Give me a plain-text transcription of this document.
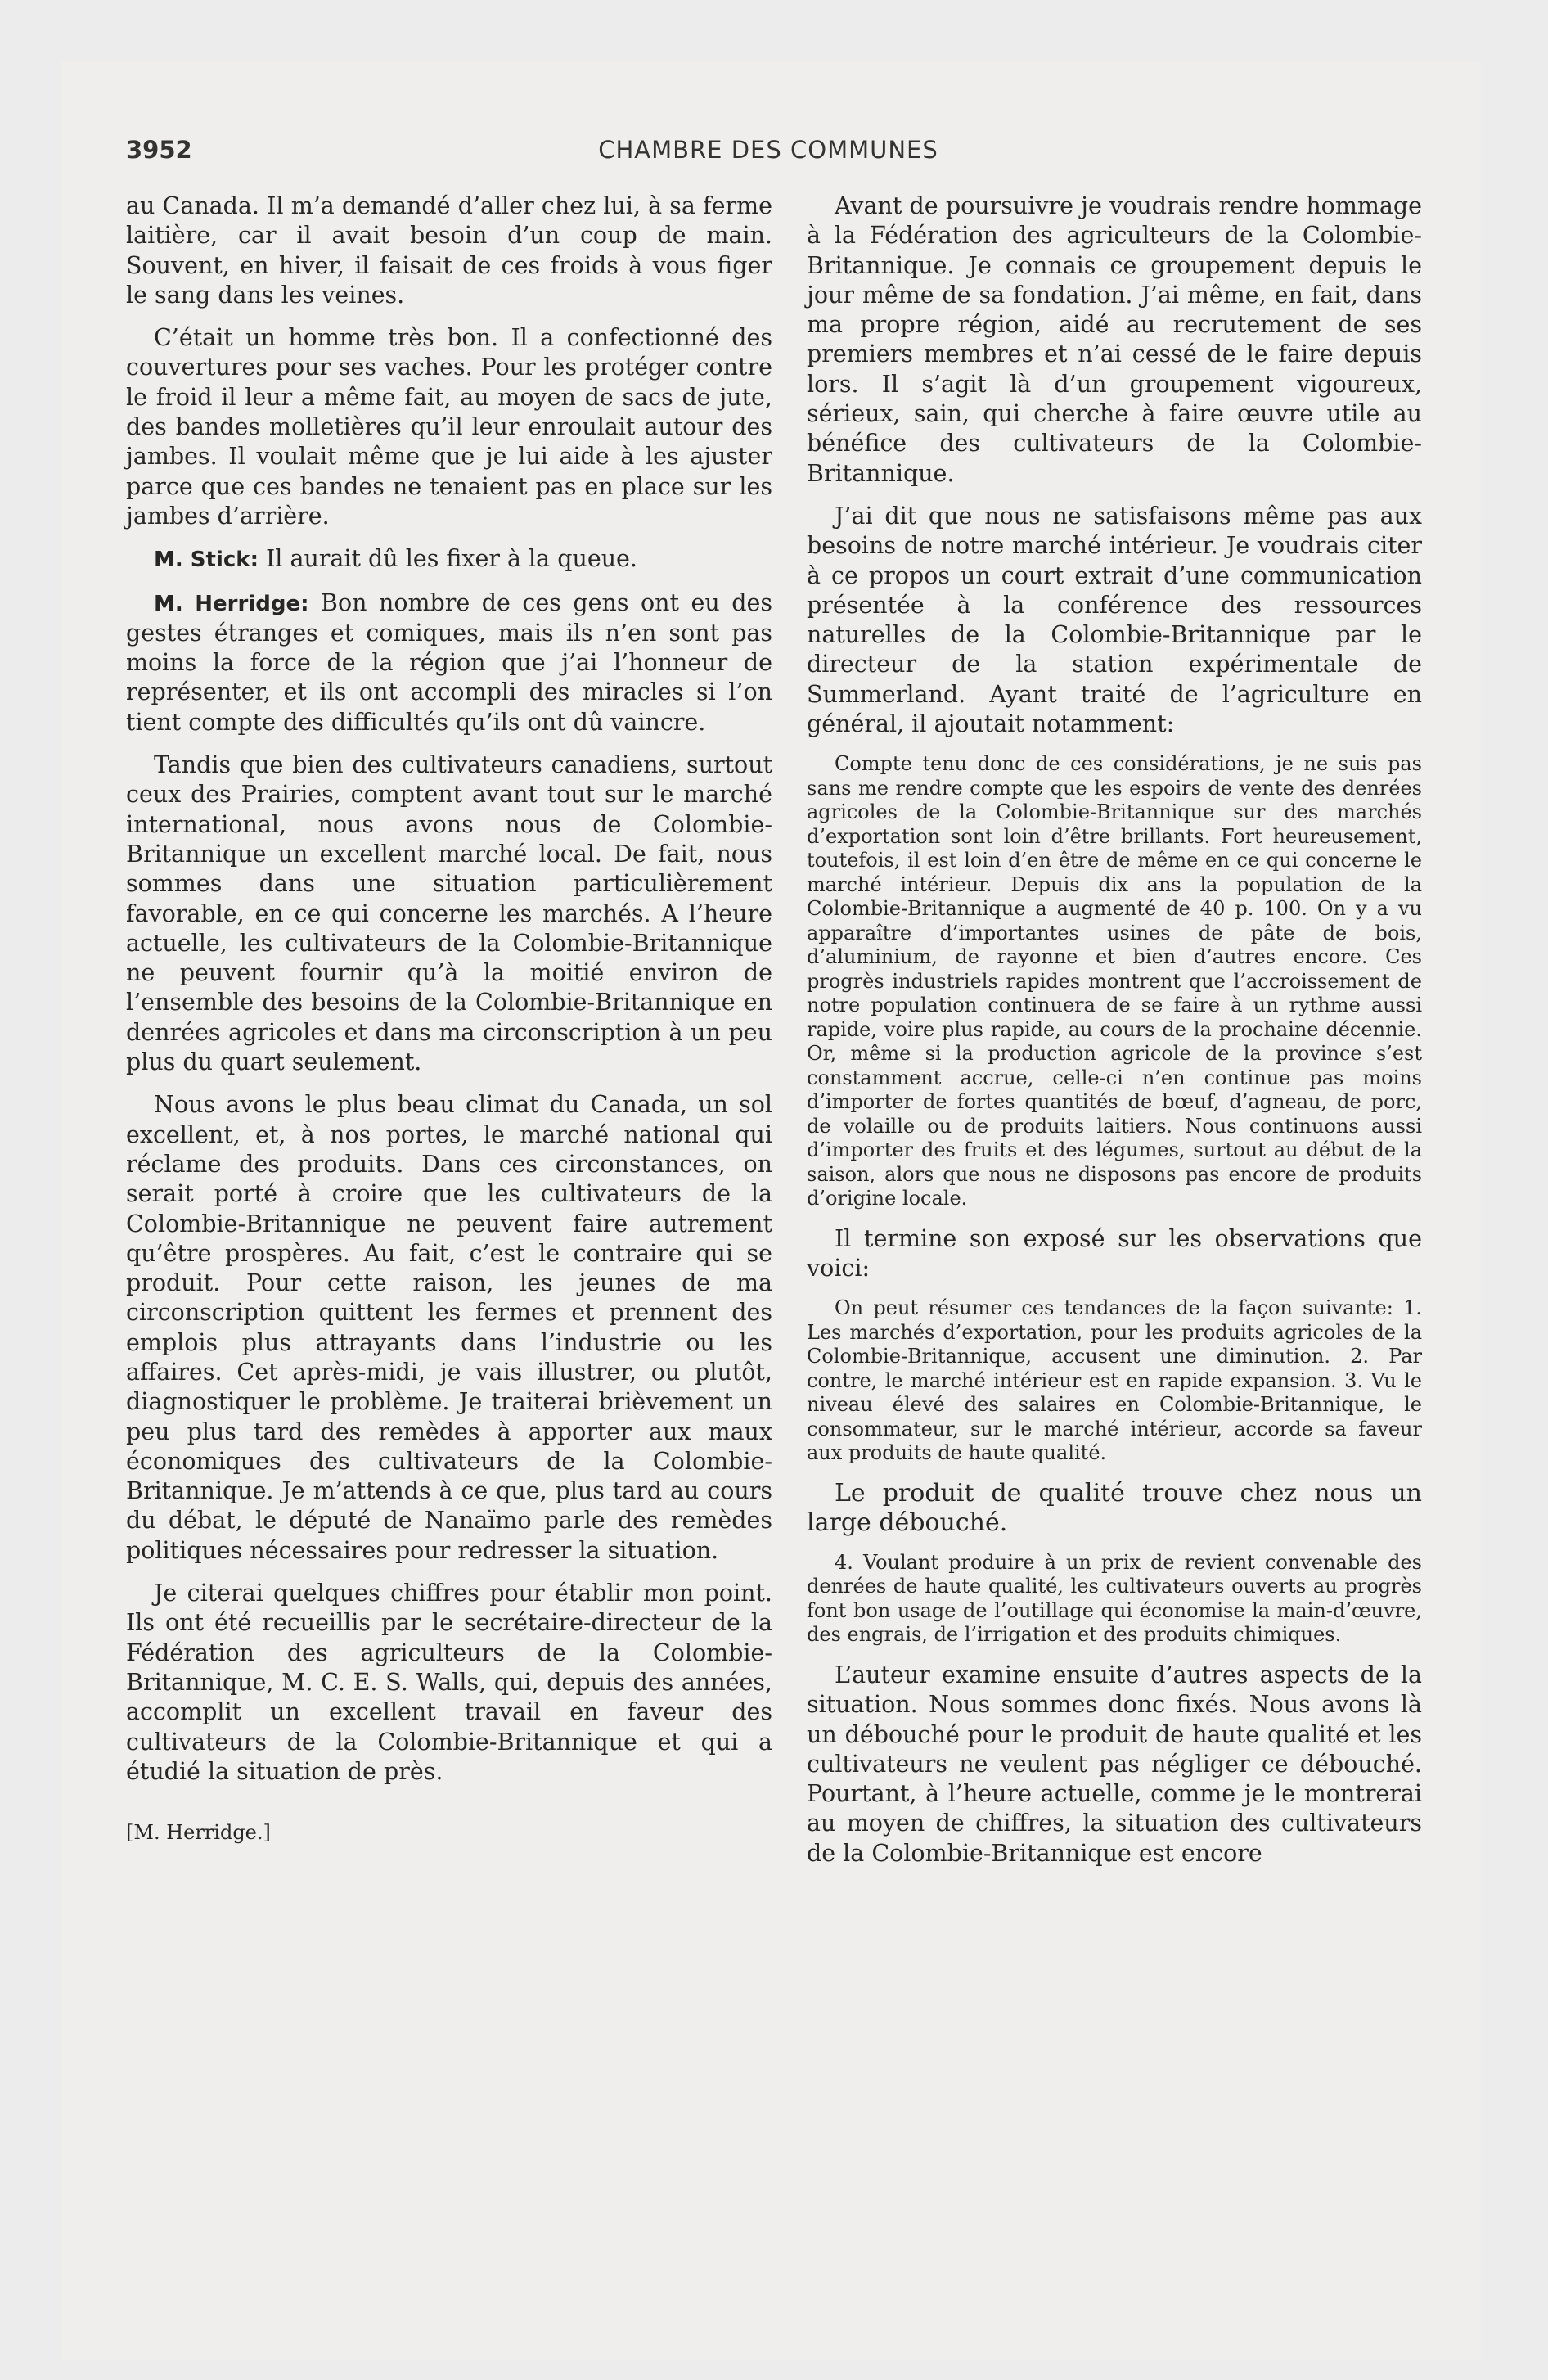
3952	CHAMBRE DES COMMUNES

au Canada. Il m’a demandé d’aller chez lui, à sa ferme laitière, car il avait besoin d’un coup de main. Souvent, en hiver, il faisait de ces froids à vous figer le sang dans les veines.

C’était un homme très bon. Il a confectionné des couvertures pour ses vaches. Pour les protéger contre le froid il leur a même fait, au moyen de sacs de jute, des bandes molletières qu’il leur enroulait autour des jambes. Il voulait même que je lui aide à les ajuster parce que ces bandes ne tenaient pas en place sur les jambes d’arrière.

M. Stick: Il aurait dû les fixer à la queue.

M. Herridge: Bon nombre de ces gens ont eu des gestes étranges et comiques, mais ils n’en sont pas moins la force de la région que j’ai l’honneur de représenter, et ils ont accompli des miracles si l’on tient compte des difficultés qu’ils ont dû vaincre.

Tandis que bien des cultivateurs canadiens, surtout ceux des Prairies, comptent avant tout sur le marché international, nous avons nous de Colombie-Britannique un excellent marché local. De fait, nous sommes dans une situation particulièrement favorable, en ce qui concerne les marchés. A l’heure actuelle, les cultivateurs de la Colombie-Britannique ne peuvent fournir qu’à la moitié environ de l’ensemble des besoins de la Colombie-Britannique en denrées agricoles et dans ma circonscription à un peu plus du quart seulement.

Nous avons le plus beau climat du Canada, un sol excellent, et, à nos portes, le marché national qui réclame des produits. Dans ces circonstances, on serait porté à croire que les cultivateurs de la Colombie-Britannique ne peuvent faire autrement qu’être prospères. Au fait, c’est le contraire qui se produit. Pour cette raison, les jeunes de ma circonscription quittent les fermes et prennent des emplois plus attrayants dans l’industrie ou les affaires. Cet après-midi, je vais illustrer, ou plutôt, diagnostiquer le problème. Je traiterai brièvement un peu plus tard des remèdes à apporter aux maux économiques des cultivateurs de la Colombie-Britannique. Je m’attends à ce que, plus tard au cours du débat, le député de Nanaïmo parle des remèdes politiques nécessaires pour redresser la situation.

Je citerai quelques chiffres pour établir mon point. Ils ont été recueillis par le secrétaire-directeur de la Fédération des agriculteurs de la Colombie-Britannique, M. C. E. S. Walls, qui, depuis des années, accomplit un excellent travail en faveur des cultivateurs de la Colombie-Britannique et qui a étudié la situation de près.

[M. Herridge.]

Avant de poursuivre je voudrais rendre hommage à la Fédération des agriculteurs de la Colombie-Britannique. Je connais ce groupement depuis le jour même de sa fondation. J’ai même, en fait, dans ma propre région, aidé au recrutement de ses premiers membres et n’ai cessé de le faire depuis lors. Il s’agit là d’un groupement vigoureux, sérieux, sain, qui cherche à faire œuvre utile au bénéfice des cultivateurs de la Colombie-Britannique.

J’ai dit que nous ne satisfaisons même pas aux besoins de notre marché intérieur. Je voudrais citer à ce propos un court extrait d’une communication présentée à la conférence des ressources naturelles de la Colombie-Britannique par le directeur de la station expérimentale de Summerland. Ayant traité de l’agriculture en général, il ajoutait notamment:

Compte tenu donc de ces considérations, je ne suis pas sans me rendre compte que les espoirs de vente des denrées agricoles de la Colombie-Britannique sur des marchés d’exportation sont loin d’être brillants. Fort heureusement, toutefois, il est loin d’en être de même en ce qui concerne le marché intérieur. Depuis dix ans la population de la Colombie-Britannique a augmenté de 40 p. 100. On y a vu apparaître d’importantes usines de pâte de bois, d’aluminium, de rayonne et bien d’autres encore. Ces progrès industriels rapides montrent que l’accroissement de notre population continuera de se faire à un rythme aussi rapide, voire plus rapide, au cours de la prochaine décennie. Or, même si la production agricole de la province s’est constamment accrue, celle-ci n’en continue pas moins d’importer de fortes quantités de bœuf, d’agneau, de porc, de volaille ou de produits laitiers. Nous continuons aussi d’importer des fruits et des légumes, surtout au début de la saison, alors que nous ne disposons pas encore de produits d’origine locale.

Il termine son exposé sur les observations que voici:

On peut résumer ces tendances de la façon suivante: 1. Les marchés d’exportation, pour les produits agricoles de la Colombie-Britannique, accusent une diminution. 2. Par contre, le marché intérieur est en rapide expansion. 3. Vu le niveau élevé des salaires en Colombie-Britannique, le consommateur, sur le marché intérieur, accorde sa faveur aux produits de haute qualité.

Le produit de qualité trouve chez nous un large débouché.

4. Voulant produire à un prix de revient convenable des denrées de haute qualité, les cultivateurs ouverts au progrès font bon usage de l’outillage qui économise la main-d’œuvre, des engrais, de l’irrigation et des produits chimiques.

L’auteur examine ensuite d’autres aspects de la situation. Nous sommes donc fixés. Nous avons là un débouché pour le produit de haute qualité et les cultivateurs ne veulent pas négliger ce débouché. Pourtant, à l’heure actuelle, comme je le montrerai au moyen de chiffres, la situation des cultivateurs de la Colombie-Britannique est encore
